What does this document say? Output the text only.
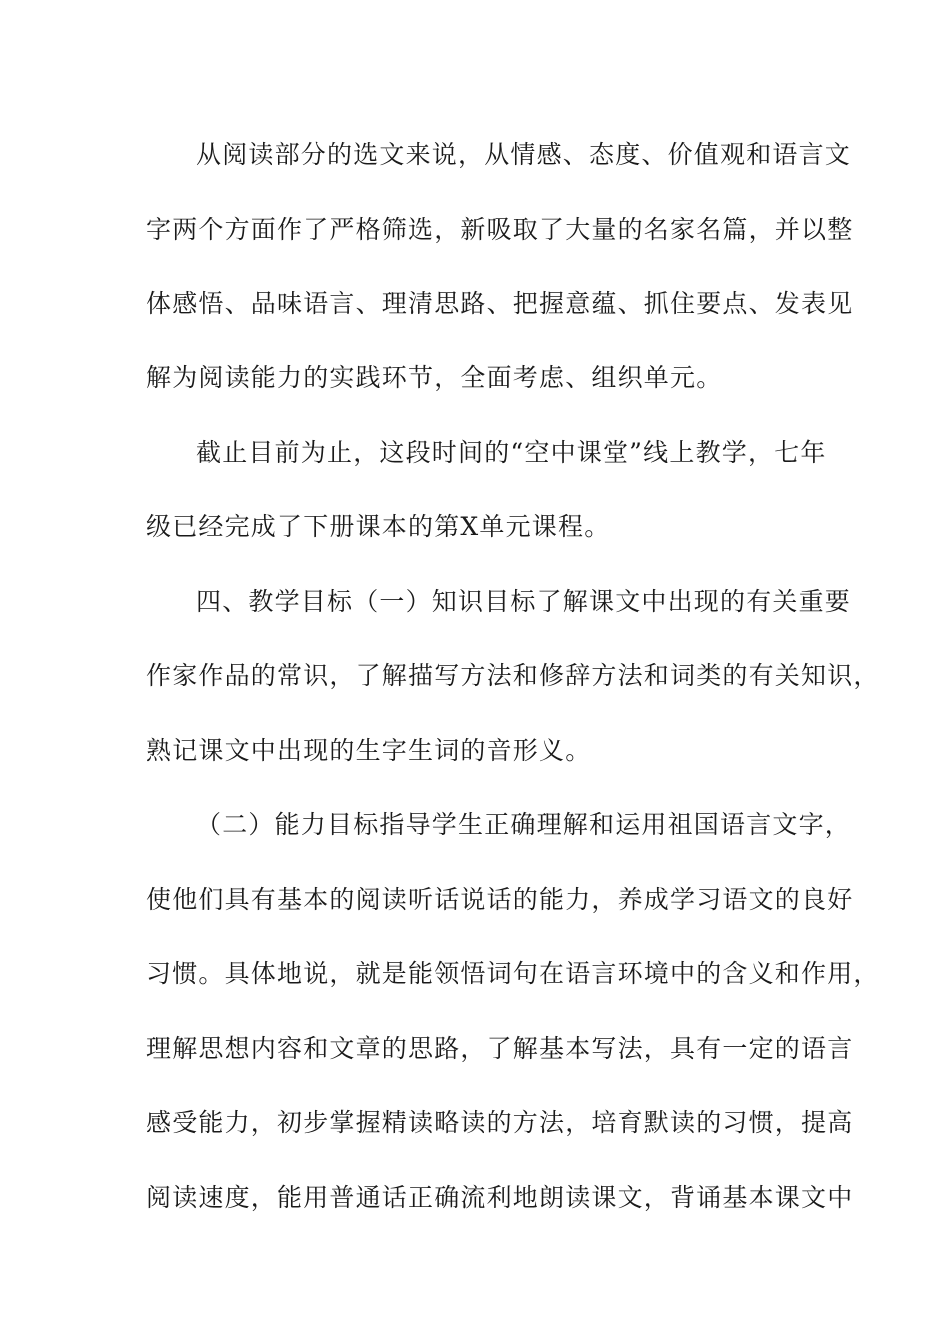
从阅读部分的选文来说，从情感、态度、价值观和语言文
字两个方面作了严格筛选，新吸取了大量的名家名篇，并以整
体感悟、品味语言、理清思路、把握意蕴、抓住要点、发表见
解为阅读能力的实践环节，全面考虑、组织单元。
截止目前为止，这段时间的“空中课堂”线上教学，七年
级已经完成了下册课本的第X单元课程。
四、教学目标（一）知识目标了解课文中出现的有关重要
作家作品的常识，了解描写方法和修辞方法和词类的有关知识，
熟记课文中出现的生字生词的音形义。
（二）能力目标指导学生正确理解和运用祖国语言文字，
使他们具有基本的阅读听话说话的能力，养成学习语文的良好
习惯。具体地说，就是能领悟词句在语言环境中的含义和作用，
理解思想内容和文章的思路，了解基本写法，具有一定的语言
感受能力，初步掌握精读略读的方法，培育默读的习惯，提高
阅读速度，能用普通话正确流利地朗读课文，背诵基本课文中
